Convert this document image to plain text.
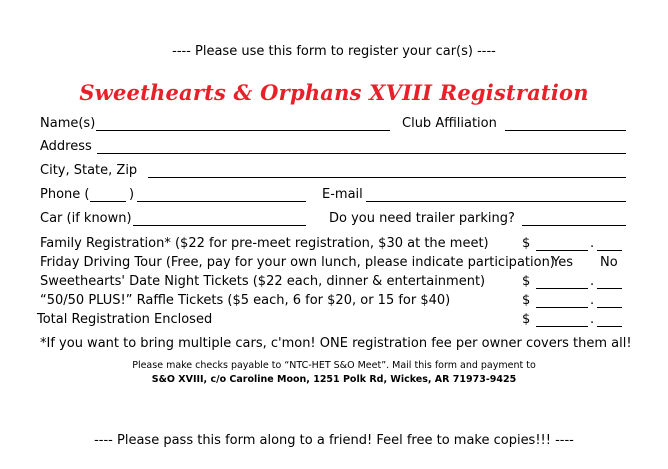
---- Please use this form to register your car(s) ----
Sweethearts & Orphans XVIII Registration
Name(s)	Club Affiliation
Address
City, State, Zip
Phone (	)	E-mail
Car (if known)	Do you need trailer parking?
Family Registration* ($22 for pre-meet registration, $30 at the meet)	$	.
Friday Driving Tour (Free, pay for your own lunch, please indicate participation)
Yes No
Sweethearts' Date Night Tickets ($22 each, dinner & entertainment)	$	.
“50/50 PLUS!” Raffle Tickets ($5 each, 6 for $20, or 15 for $40)	$	.
Total Registration Enclosed	$	.
*If you want to bring multiple cars, c'mon! ONE registration fee per owner covers them all!
Please make checks payable to “NTC-HET S&O Meet”. Mail this form and payment to
S&O XVIII, c/o Caroline Moon, 1251 Polk Rd, Wickes, AR 71973-9425
---- Please pass this form along to a friend! Feel free to make copies!!! ----
